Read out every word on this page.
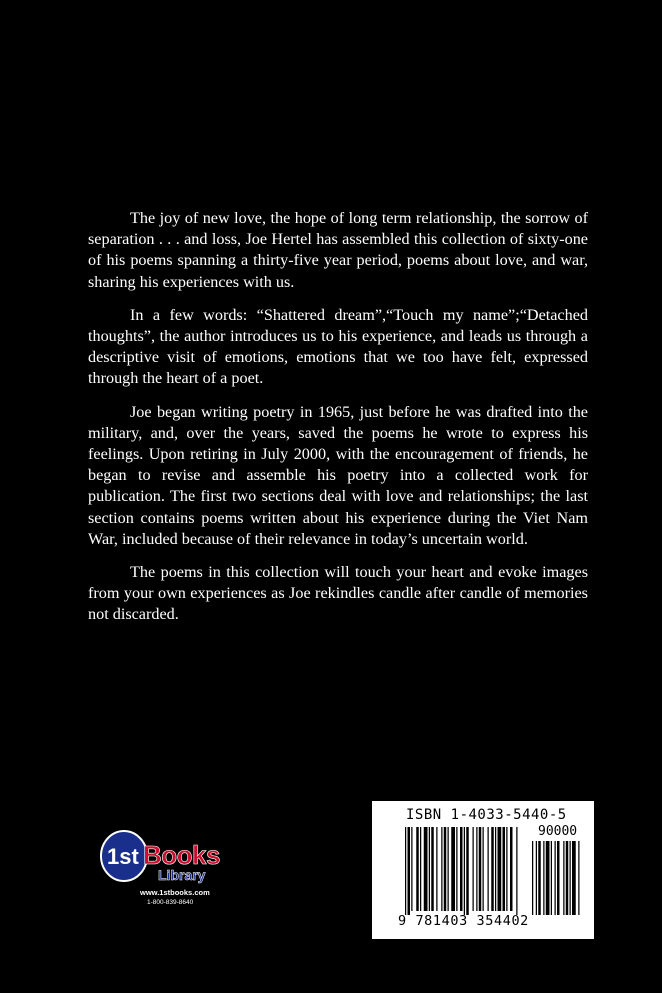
The joy of new love, the hope of long term relationship, the sorrow of separation . . . and loss, Joe Hertel has assembled this collection of sixty-one of his poems spanning a thirty-five year period, poems about love, and war, sharing his experiences with us.

In a few words: “Shattered dream”,“Touch my name”;“Detached thoughts”, the author introduces us to his experience, and leads us through a descriptive visit of emotions, emotions that we too have felt, expressed through the heart of a poet.

Joe began writing poetry in 1965, just before he was drafted into the military, and, over the years, saved the poems he wrote to express his feelings. Upon retiring in July 2000, with the encouragement of friends, he began to revise and assemble his poetry into a collected work for publication. The first two sections deal with love and relationships; the last section contains poems written about his experience during the Viet Nam War, included because of their relevance in today’s uncertain world.

The poems in this collection will touch your heart and evoke images from your own experiences as Joe rekindles candle after candle of memories not discarded.

1st Books
Library
www.1stbooks.com
1-800-839-8640
ISBN 1-4033-5440-5
90000
9 781403 354402
